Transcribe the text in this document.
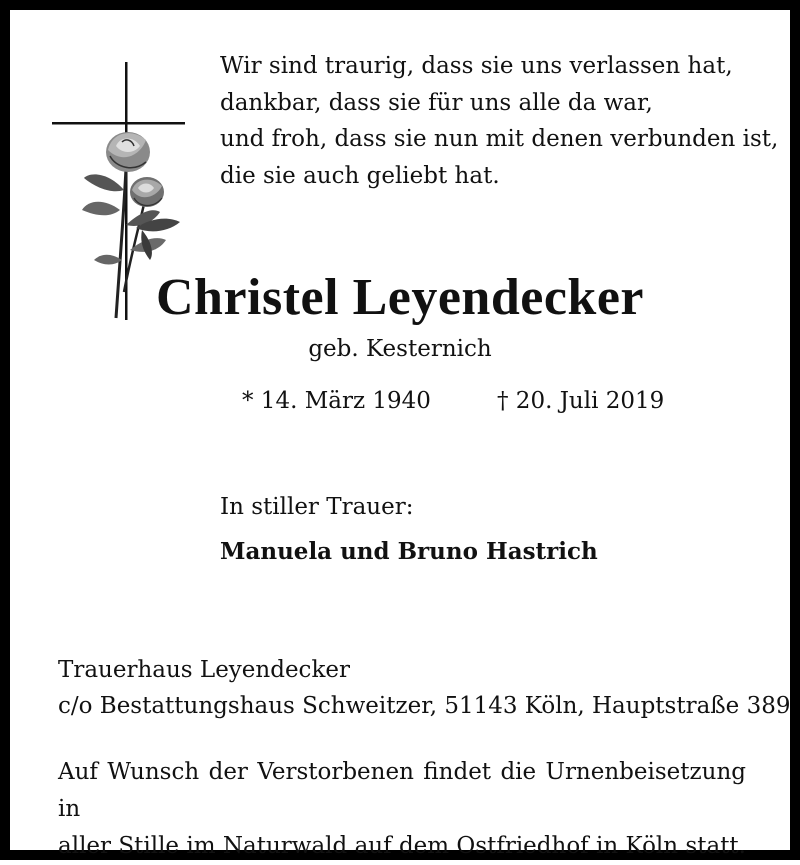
Wir sind traurig, dass sie uns verlassen hat,
dankbar, dass sie für uns alle da war,
und froh, dass sie nun mit denen verbunden ist,
die sie auch geliebt hat.

Christel Leyendecker

geb. Kesternich

* 14. März 1940	† 20. Juli 2019

In stiller Trauer:

Manuela und Bruno Hastrich

Trauerhaus Leyendecker
c/o Bestattungshaus Schweitzer, 51143 Köln, Hauptstraße 389

Auf Wunsch der Verstorbenen findet die Urnenbeisetzung in
aller Stille im Naturwald auf dem Ostfriedhof in Köln statt.
